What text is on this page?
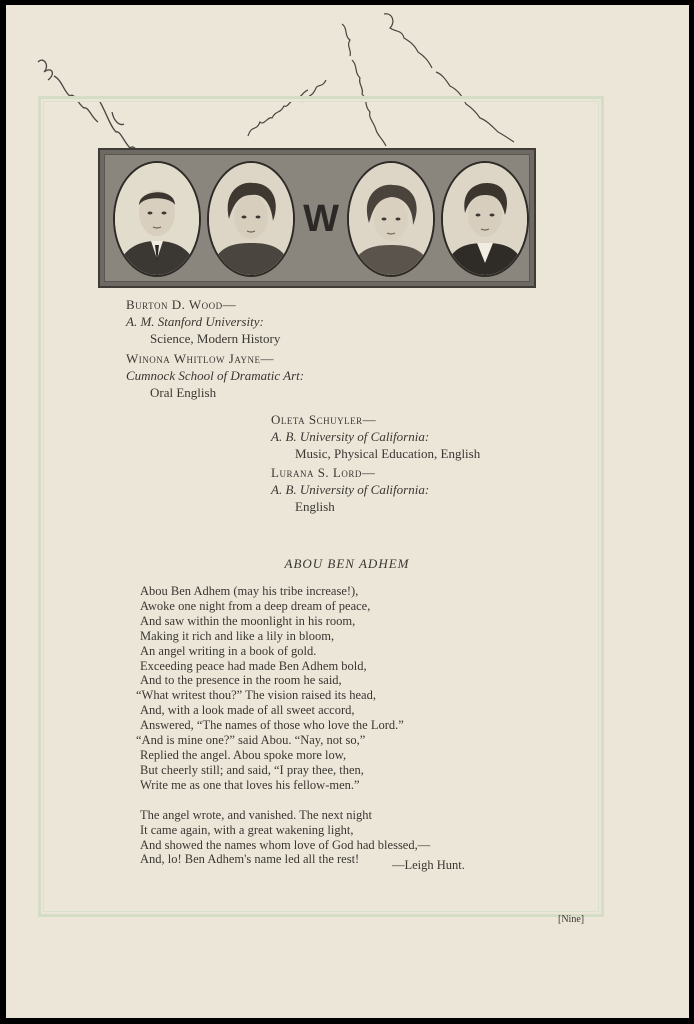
W
Burton D. Wood—
A. M. Stanford University:
Science, Modern History
Winona Whitlow Jayne—
Cumnock School of Dramatic Art:
Oral English
Oleta Schuyler—
A. B. University of California:
Music, Physical Education, English
Lurana S. Lord—
A. B. University of California:
English
ABOU BEN ADHEM
Abou Ben Adhem (may his tribe increase!),
Awoke one night from a deep dream of peace,
And saw within the moonlight in his room,
Making it rich and like a lily in bloom,
An angel writing in a book of gold.
Exceeding peace had made Ben Adhem bold,
And to the presence in the room he said,
“What writest thou?” The vision raised its head,
And, with a look made of all sweet accord,
Answered, “The names of those who love the Lord.”
“And is mine one?” said Abou. “Nay, not so,”
Replied the angel. Abou spoke more low,
But cheerly still; and said, “I pray thee, then,
Write me as one that loves his fellow-men.”
The angel wrote, and vanished. The next night
It came again, with a great wakening light,
And showed the names whom love of God had blessed,—
And, lo! Ben Adhem's name led all the rest!	—Leigh Hunt.
[Nine]
